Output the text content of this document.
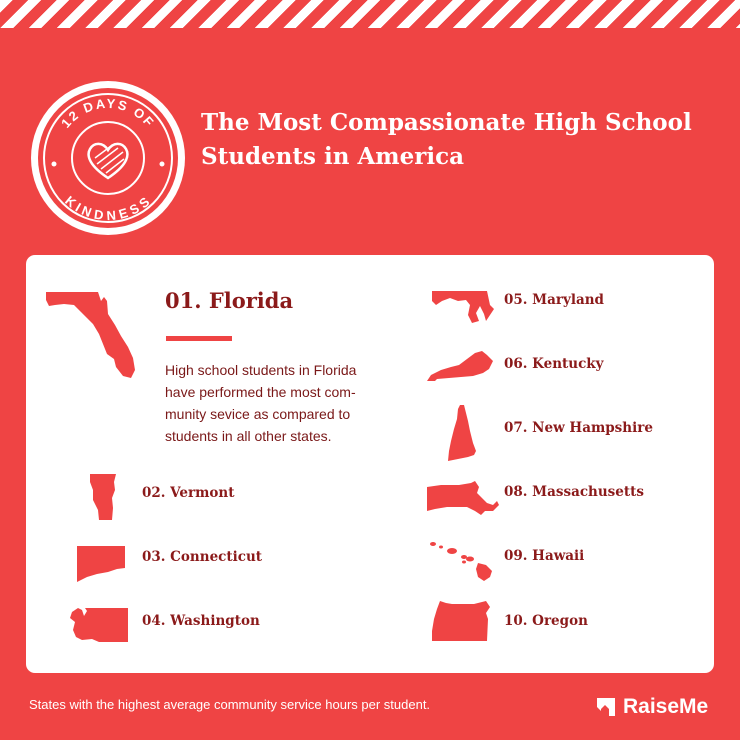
12 DAYS OF
KINDNESS
The Most Compassionate High School Students in America
01. Florida

High school students in Florida have performed the most com-munity sevice as compared to students in all other states.

02. Vermont
03. Connecticut
04. Washington
05. Maryland
06. Kentucky
07. New Hampshire
08. Massachusetts
09. Hawaii
10. Oregon
States with the highest average community service hours per student.	RaiseMe
